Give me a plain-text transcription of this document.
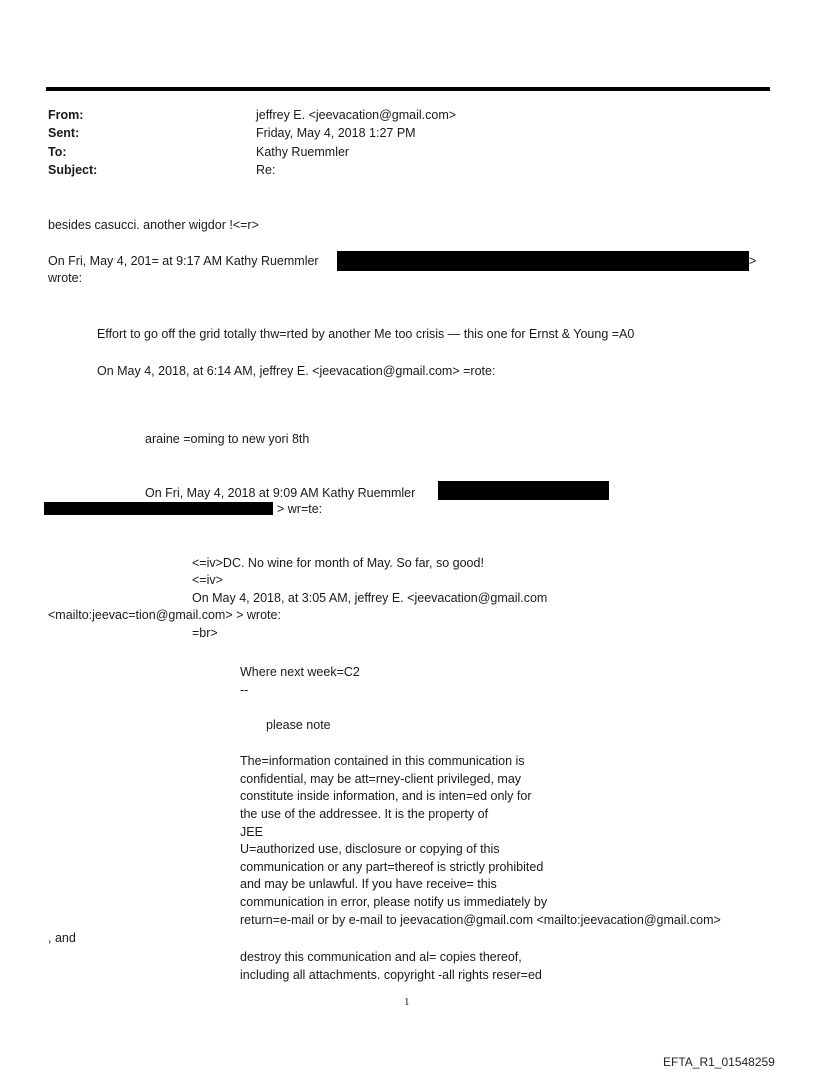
From:
Sent:
To:
Subject:
jeffrey E. <jeevacation@gmail.com>
Friday, May 4, 2018 1:27 PM
Kathy Ruemmler
Re:
besides casucci. another wigdor !<=r>
On Fri, May 4, 201= at 9:17 AM Kathy Ruemmler	>
wrote:
Effort to go off the grid totally thw=rted by another Me too crisis — this one for Ernst & Young =A0
On May 4, 2018, at 6:14 AM, jeffrey E. <jeevacation@gmail.com> =rote:
araine =oming to new yori 8th
On Fri, May 4, 2018 at 9:09 AM Kathy Ruemmler
> wr=te:
<=iv>DC. No wine for month of May. So far, so good!
<=iv>
On May 4, 2018, at 3:05 AM, jeffrey E. <jeevacation@gmail.com
<mailto:jeevac=tion@gmail.com> > wrote:
=br>
Where next week=C2
--
please note
The=information contained in this communication is
confidential, may be att=rney-client privileged, may
constitute inside information, and is inten=ed only for
the use of the addressee. It is the property of
JEE
U=authorized use, disclosure or copying of this
communication or any part=thereof is strictly prohibited
and may be unlawful. If you have receive= this
communication in error, please notify us immediately by
return=e-mail or by e-mail to jeevacation@gmail.com <mailto:jeevacation@gmail.com>
, and
destroy this communication and al= copies thereof,
including all attachments. copyright -all rights reser=ed
1
EFTA_R1_01548259
